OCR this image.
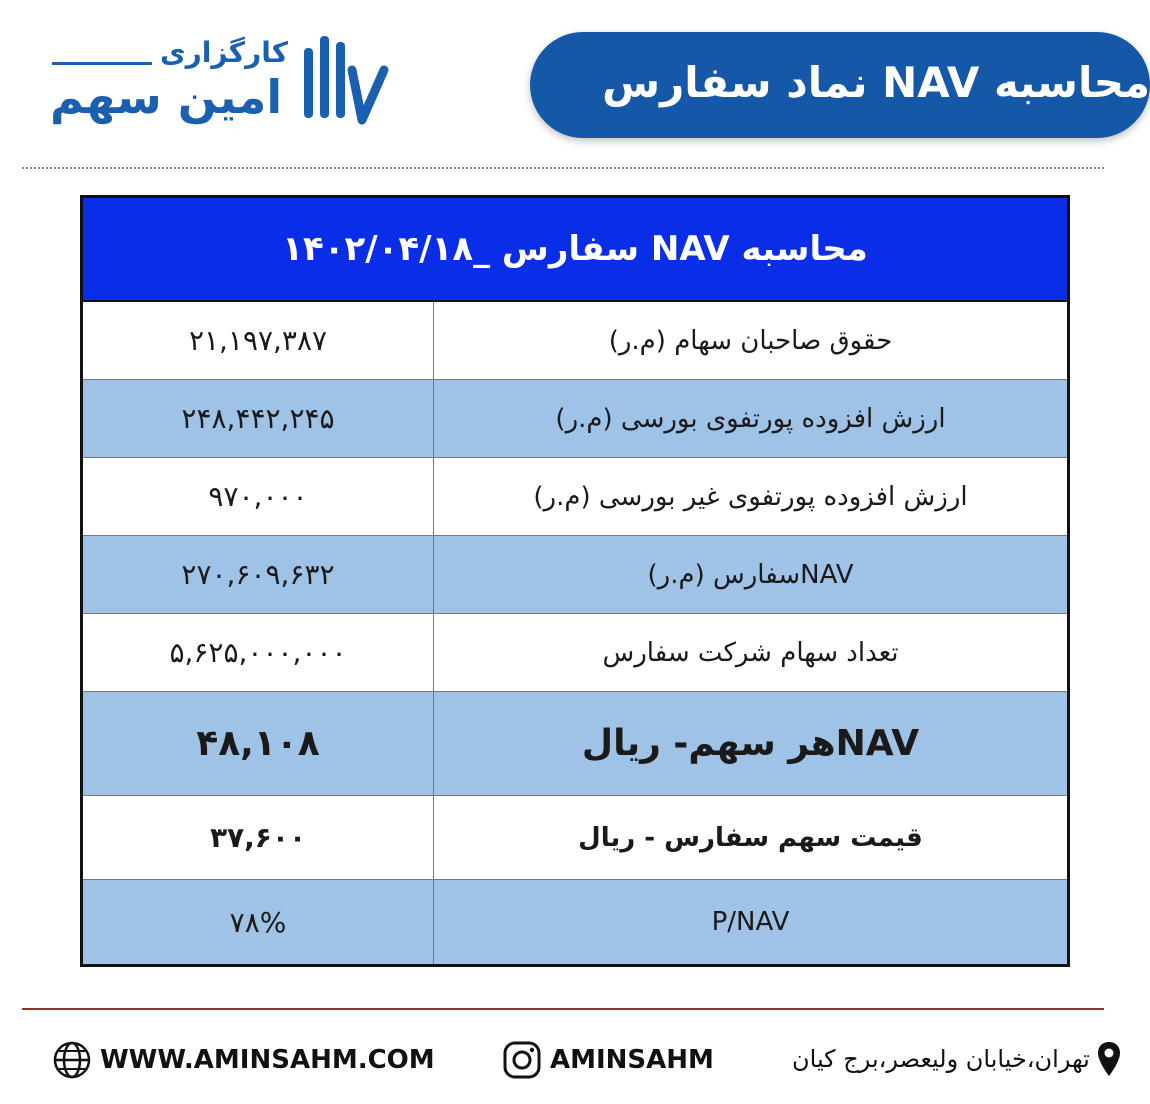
کارگزاری
امین سهم	محاسبه NAV نماد سفارس
محاسبه NAV سفارس _۱۴۰۲/۰۴/۱۸
۲۱,۱۹۷,۳۸۷	حقوق صاحبان سهام (م.ر)
۲۴۸,۴۴۲,۲۴۵	ارزش افزوده پورتفوی بورسی (م.ر)
۹۷۰,۰۰۰	ارزش افزوده پورتفوی غیر بورسی (م.ر)
۲۷۰,۶۰۹,۶۳۲	NAVسفارس (م.ر)
۵,۶۲۵,۰۰۰,۰۰۰	تعداد سهام شرکت سفارس
۴۸,۱۰۸	NAVهر سهم- ریال
۳۷,۶۰۰	قیمت سهم سفارس - ریال
۷۸%	P/NAV
WWW.AMINSAHM.COM	AMINSAHM	تهران،خیابان ولیعصر،برج کیان
